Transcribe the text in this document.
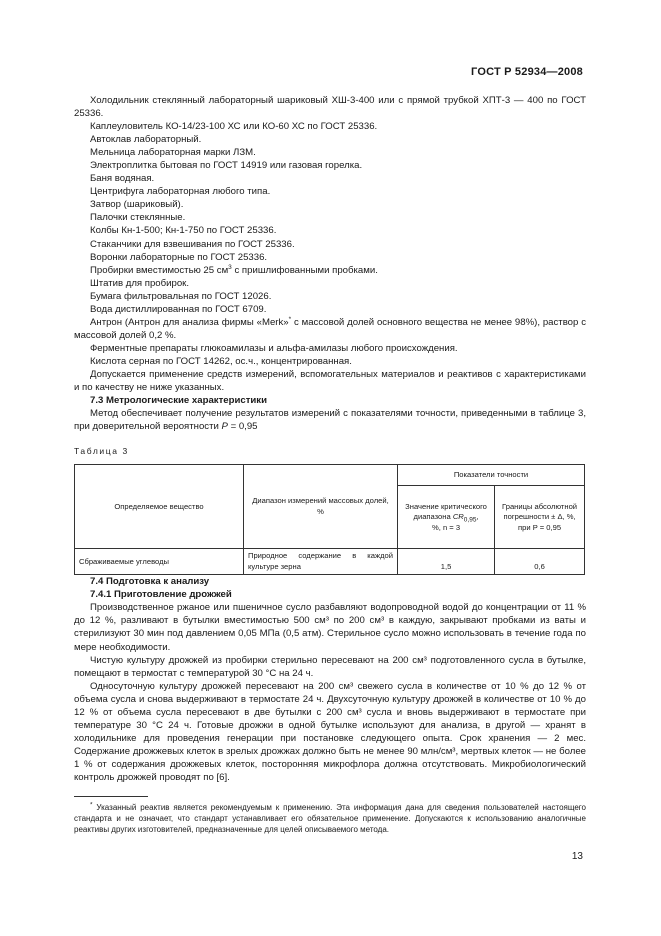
ГОСТ Р 52934—2008

Холодильник стеклянный лабораторный шариковый ХШ-3-400 или с прямой трубкой ХПТ-3 — 400 по ГОСТ 25336.

Каплеуловитель КО-14/23-100 ХС или КО-60 ХС по ГОСТ 25336.

Автоклав лабораторный.

Мельница лабораторная марки ЛЗМ.

Электроплитка бытовая по ГОСТ 14919 или газовая горелка.

Баня водяная.

Центрифуга лабораторная любого типа.

Затвор (шариковый).

Палочки стеклянные.

Колбы Кн-1-500; Кн-1-750 по ГОСТ 25336.

Стаканчики для взвешивания по ГОСТ 25336.

Воронки лабораторные по ГОСТ 25336.

Пробирки вместимостью 25 $см^3$ с пришлифованными пробками.

Штатив для пробирок.

Бумага фильтровальная по ГОСТ 12026.

Вода дистиллированная по ГОСТ 6709.

Антрон (Антрон для анализа фирмы «Merk»* с массовой долей основного вещества не менее 98%), раствор с массовой долей 0,2 %.

Ферментные препараты глюкоамилазы и альфа-амилазы любого происхождения.

Кислота серная по ГОСТ 14262, ос.ч., концентрированная.

Допускается применение средств измерений, вспомогательных материалов и реактивов с характеристиками и по качеству не ниже указанных.

7.3 Метрологические характеристики

Метод обеспечивает получение результатов измерений с показателями точности, приведенными в таблице 3, при доверительной вероятности P = 0,95

Таблица 3
Определяемое вещество	Диапазон измерений массовых долей, %	Показатели точности	
		Значение критического
диапазона $CR_{0,95}$,
%, n = 3	Границы абсолютной
погрешности ± Δ, %,
при P = 0,95
Сбраживаемые углеводы	Природное содержание в каждой культуре зерна	1,5	0,6

7.4 Подготовка к анализу

7.4.1 Приготовление дрожжей

Производственное ржаное или пшеничное сусло разбавляют водопроводной водой до концентрации от 11 % до 12 %, разливают в бутылки вместимостью 500 см³ по 200 см³ в каждую, закрывают пробками из ваты и стерилизуют 30 мин под давлением 0,05 МПа (0,5 атм). Стерильное сусло можно использовать в течение года по мере необходимости.

Чистую культуру дрожжей из пробирки стерильно пересевают на 200 см³ подготовленного сусла в бутылке, помещают в термостат с температурой 30 °С на 24 ч.

Односуточную культуру дрожжей пересевают на 200 см³ свежего сусла в количестве от 10 % до 12 % от объема сусла и снова выдерживают в термостате 24 ч. Двухсуточную культуру дрожжей в количестве от 10 % до 12 % от объема сусла пересевают в две бутылки с 200 см³ сусла и вновь выдерживают в термостате при температуре 30 °С 24 ч. Готовые дрожжи в одной бутылке используют для анализа, в другой — хранят в холодильнике для проведения генерации при постановке следующего опыта. Срок хранения — 2 мес. Содержание дрожжевых клеток в зрелых дрожжах должно быть не менее 90 млн/см³, мертвых клеток — не более 1 % от содержания дрожжевых клеток, посторонняя микрофлора должна отсутствовать. Микробиологический контроль дрожжей проводят по [6].

* Указанный реактив является рекомендуемым к применению. Эта информация дана для сведения пользователей настоящего стандарта и не означает, что стандарт устанавливает его обязательное применение. Допускаются к использованию аналогичные реактивы других изготовителей, предназначенные для целей описываемого метода.

13
